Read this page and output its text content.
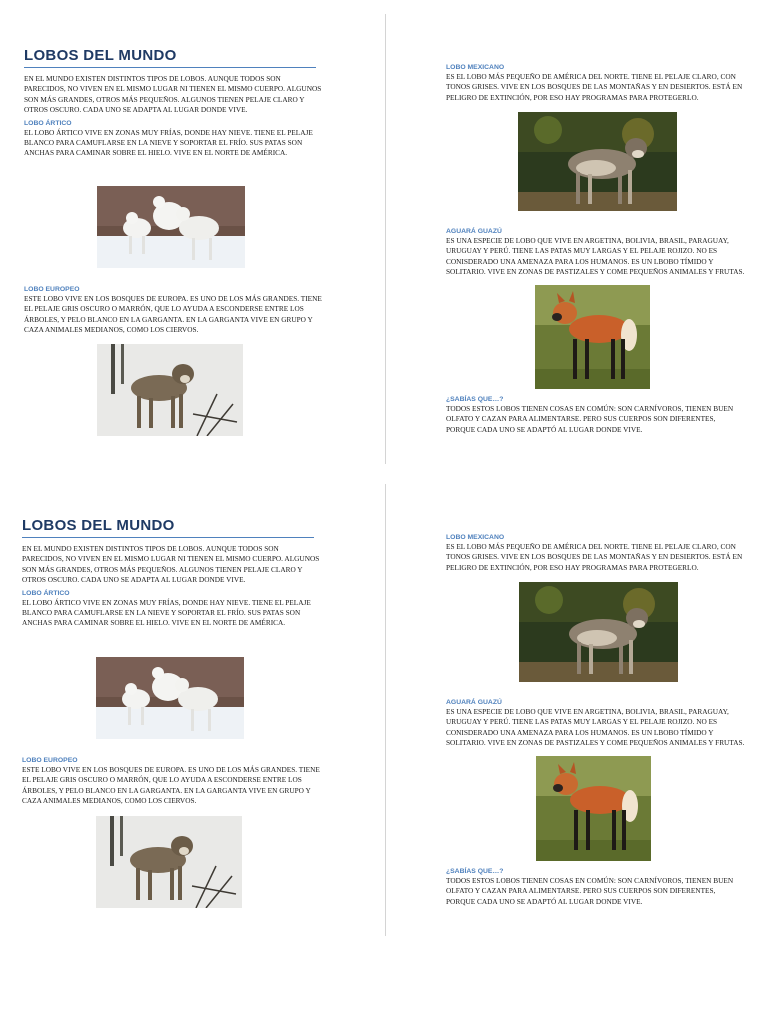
LOBOS DEL MUNDO

EN EL MUNDO EXISTEN DISTINTOS TIPOS DE LOBOS. AUNQUE TODOS SON PARECIDOS, NO VIVEN EN EL MISMO LUGAR NI TIENEN EL MISMO CUERPO. ALGUNOS SON MÁS GRANDES, OTROS MÁS PEQUEÑOS. ALGUNOS TIENEN PELAJE CLARO Y OTROS OSCURO. CADA UNO SE ADAPTA AL LUGAR DONDE VIVE.

LOBO ÁRTICO

EL LOBO ÁRTICO VIVE EN ZONAS MUY FRÍAS, DONDE HAY NIEVE. TIENE EL PELAJE BLANCO PARA CAMUFLARSE EN LA NIEVE Y SOPORTAR EL FRÍO. SUS PATAS SON ANCHAS PARA CAMINAR SOBRE EL HIELO. VIVE EN EL NORTE DE AMÉRICA.

LOBO EUROPEO

ESTE LOBO VIVE EN LOS BOSQUES DE EUROPA. ES UNO DE LOS MÁS GRANDES. TIENE EL PELAJE GRIS OSCURO O MARRÓN, QUE LO AYUDA A ESCONDERSE ENTRE LOS ÁRBOLES, Y PELO BLANCO EN LA GARGANTA. EN LA GARGANTA VIVE EN GRUPO Y CAZA ANIMALES MEDIANOS, COMO LOS CIERVOS.

LOBO MEXICANO

ES EL LOBO MÁS PEQUEÑO DE AMÉRICA DEL NORTE. TIENE EL PELAJE CLARO, CON TONOS GRISES. VIVE EN LOS BOSQUES DE LAS MONTAÑAS Y EN DESIERTOS. ESTÁ EN PELIGRO DE EXTINCIÓN, POR ESO HAY PROGRAMAS PARA PROTEGERLO.

AGUARÁ GUAZÚ

ES UNA ESPECIE DE LOBO QUE VIVE EN ARGETINA, BOLIVIA, BRASIL, PARAGUAY, URUGUAY Y PERÚ. TIENE LAS PATAS MUY LARGAS Y EL PELAJE ROJIZO. NO ES CONISDERADO UNA AMENAZA PARA LOS HUMANOS. ES UN LBOBO TÍMIDO Y SOLITARIO. VIVE EN ZONAS DE PASTIZALES Y COME PEQUEÑOS ANIMALES Y FRUTAS.

¿SABÍAS QUE…?

TODOS ESTOS LOBOS TIENEN COSAS EN COMÚN: SON CARNÍVOROS, TIENEN BUEN OLFATO Y CAZAN PARA ALIMENTARSE. PERO SUS CUERPOS SON DIFERENTES, PORQUE CADA UNO SE ADAPTÓ AL LUGAR DONDE VIVE.

LOBOS DEL MUNDO

EN EL MUNDO EXISTEN DISTINTOS TIPOS DE LOBOS. AUNQUE TODOS SON PARECIDOS, NO VIVEN EN EL MISMO LUGAR NI TIENEN EL MISMO CUERPO. ALGUNOS SON MÁS GRANDES, OTROS MÁS PEQUEÑOS. ALGUNOS TIENEN PELAJE CLARO Y OTROS OSCURO. CADA UNO SE ADAPTA AL LUGAR DONDE VIVE.

LOBO ÁRTICO

EL LOBO ÁRTICO VIVE EN ZONAS MUY FRÍAS, DONDE HAY NIEVE. TIENE EL PELAJE BLANCO PARA CAMUFLARSE EN LA NIEVE Y SOPORTAR EL FRÍO. SUS PATAS SON ANCHAS PARA CAMINAR SOBRE EL HIELO. VIVE EN EL NORTE DE AMÉRICA.

LOBO EUROPEO

ESTE LOBO VIVE EN LOS BOSQUES DE EUROPA. ES UNO DE LOS MÁS GRANDES. TIENE EL PELAJE GRIS OSCURO O MARRÓN, QUE LO AYUDA A ESCONDERSE ENTRE LOS ÁRBOLES, Y PELO BLANCO EN LA GARGANTA. EN LA GARGANTA VIVE EN GRUPO Y CAZA ANIMALES MEDIANOS, COMO LOS CIERVOS.

LOBO MEXICANO

ES EL LOBO MÁS PEQUEÑO DE AMÉRICA DEL NORTE. TIENE EL PELAJE CLARO, CON TONOS GRISES. VIVE EN LOS BOSQUES DE LAS MONTAÑAS Y EN DESIERTOS. ESTÁ EN PELIGRO DE EXTINCIÓN, POR ESO HAY PROGRAMAS PARA PROTEGERLO.

AGUARÁ GUAZÚ

ES UNA ESPECIE DE LOBO QUE VIVE EN ARGETINA, BOLIVIA, BRASIL, PARAGUAY, URUGUAY Y PERÚ. TIENE LAS PATAS MUY LARGAS Y EL PELAJE ROJIZO. NO ES CONISDERADO UNA AMENAZA PARA LOS HUMANOS. ES UN LBOBO TÍMIDO Y SOLITARIO. VIVE EN ZONAS DE PASTIZALES Y COME PEQUEÑOS ANIMALES Y FRUTAS.

¿SABÍAS QUE…?

TODOS ESTOS LOBOS TIENEN COSAS EN COMÚN: SON CARNÍVOROS, TIENEN BUEN OLFATO Y CAZAN PARA ALIMENTARSE. PERO SUS CUERPOS SON DIFERENTES, PORQUE CADA UNO SE ADAPTÓ AL LUGAR DONDE VIVE.
